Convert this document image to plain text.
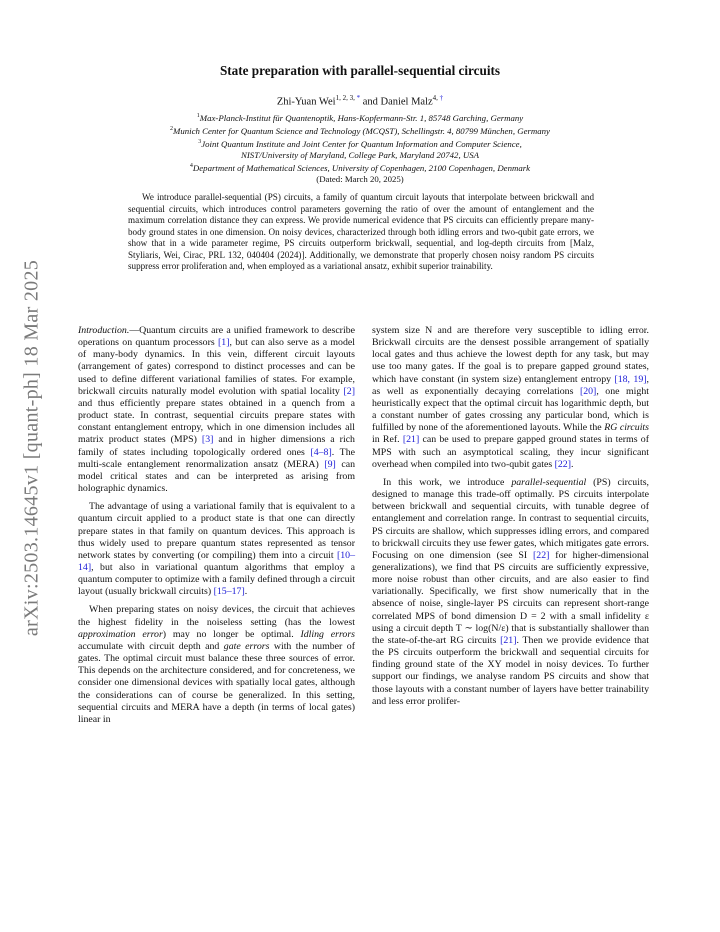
arXiv:2503.14645v1 [quant-ph] 18 Mar 2025
State preparation with parallel-sequential circuits
Zhi-Yuan Wei$^{1, 2, 3, *}$ and Daniel Malz$^{4, \dagger}$
$^1$Max-Planck-Institut für Quantenoptik, Hans-Kopfermann-Str. 1, 85748 Garching, Germany
$^2$Munich Center for Quantum Science and Technology (MCQST), Schellingstr. 4, 80799 München, Germany
$^3$Joint Quantum Institute and Joint Center for Quantum Information and Computer Science,
NIST/University of Maryland, College Park, Maryland 20742, USA
$^4$Department of Mathematical Sciences, University of Copenhagen, 2100 Copenhagen, Denmark
(Dated: March 20, 2025)

We introduce parallel-sequential (PS) circuits, a family of quantum circuit layouts that interpolate between brickwall and sequential circuits, which introduces control parameters governing the ratio of over the amount of entanglement and the maximum correlation distance they can express. We provide numerical evidence that PS circuits can efficiently prepare many-body ground states in one dimension. On noisy devices, characterized through both idling errors and two-qubit gate errors, we show that in a wide parameter regime, PS circuits outperform brickwall, sequential, and log-depth circuits from [Malz, Styliaris, Wei, Cirac, PRL 132, 040404 (2024)]. Additionally, we demonstrate that properly chosen noisy random PS circuits suppress error proliferation and, when employed as a variational ansatz, exhibit superior trainability.

Introduction.—Quantum circuits are a unified framework to describe operations on quantum processors [1], but can also serve as a model of many-body dynamics. In this vein, different circuit layouts (arrangement of gates) correspond to distinct processes and can be used to define different variational families of states. For example, brickwall circuits naturally model evolution with spatial locality [2] and thus efficiently prepare states obtained in a quench from a product state. In contrast, sequential circuits prepare states with constant entanglement entropy, which in one dimension includes all matrix product states (MPS) [3] and in higher dimensions a rich family of states including topologically ordered ones [4–8]. The multi-scale entanglement renormalization ansatz (MERA) [9] can model critical states and can be interpreted as arising from holographic dynamics.

The advantage of using a variational family that is equivalent to a quantum circuit applied to a product state is that one can directly prepare states in that family on quantum devices. This approach is thus widely used to prepare quantum states represented as tensor network states by converting (or compiling) them into a circuit [10–14], but also in variational quantum algorithms that employ a quantum computer to optimize with a family defined through a circuit layout (usually brickwall circuits) [15–17].

When preparing states on noisy devices, the circuit that achieves the highest fidelity in the noiseless setting (has the lowest approximation error) may no longer be optimal. Idling errors accumulate with circuit depth and gate errors with the number of gates. The optimal circuit must balance these three sources of error. This depends on the architecture considered, and for concreteness, we consider one dimensional devices with spatially local gates, although the considerations can of course be generalized. In this setting, sequential circuits and MERA have a depth (in terms of local gates) linear in

system size N and are therefore very susceptible to idling error. Brickwall circuits are the densest possible arrangement of spatially local gates and thus achieve the lowest depth for any task, but may use too many gates. If the goal is to prepare gapped ground states, which have constant (in system size) entanglement entropy [18, 19], as well as exponentially decaying correlations [20], one might heuristically expect that the optimal circuit has logarithmic depth, but a constant number of gates crossing any particular bond, which is fulfilled by none of the aforementioned layouts. While the RG circuits in Ref. [21] can be used to prepare gapped ground states in terms of MPS with such an asymptotical scaling, they incur significant overhead when compiled into two-qubit gates [22].

In this work, we introduce parallel-sequential (PS) circuits, designed to manage this trade-off optimally. PS circuits interpolate between brickwall and sequential circuits, with tunable degree of entanglement and correlation range. In contrast to sequential circuits, PS circuits are shallow, which suppresses idling errors, and compared to brickwall circuits they use fewer gates, which mitigates gate errors. Focusing on one dimension (see SI [22] for higher-dimensional generalizations), we find that PS circuits are sufficiently expressive, more noise robust than other circuits, and are also easier to find variationally. Specifically, we first show numerically that in the absence of noise, single-layer PS circuits can represent short-range correlated MPS of bond dimension D = 2 with a small infidelity ε using a circuit depth T ∼ log(N/ε) that is substantially shallower than the state-of-the-art RG circuits [21]. Then we provide evidence that the PS circuits outperform the brickwall and sequential circuits for finding ground state of the XY model in noisy devices. To further support our findings, we analyse random PS circuits and show that those layouts with a constant number of layers have better trainability and less error prolifer-
